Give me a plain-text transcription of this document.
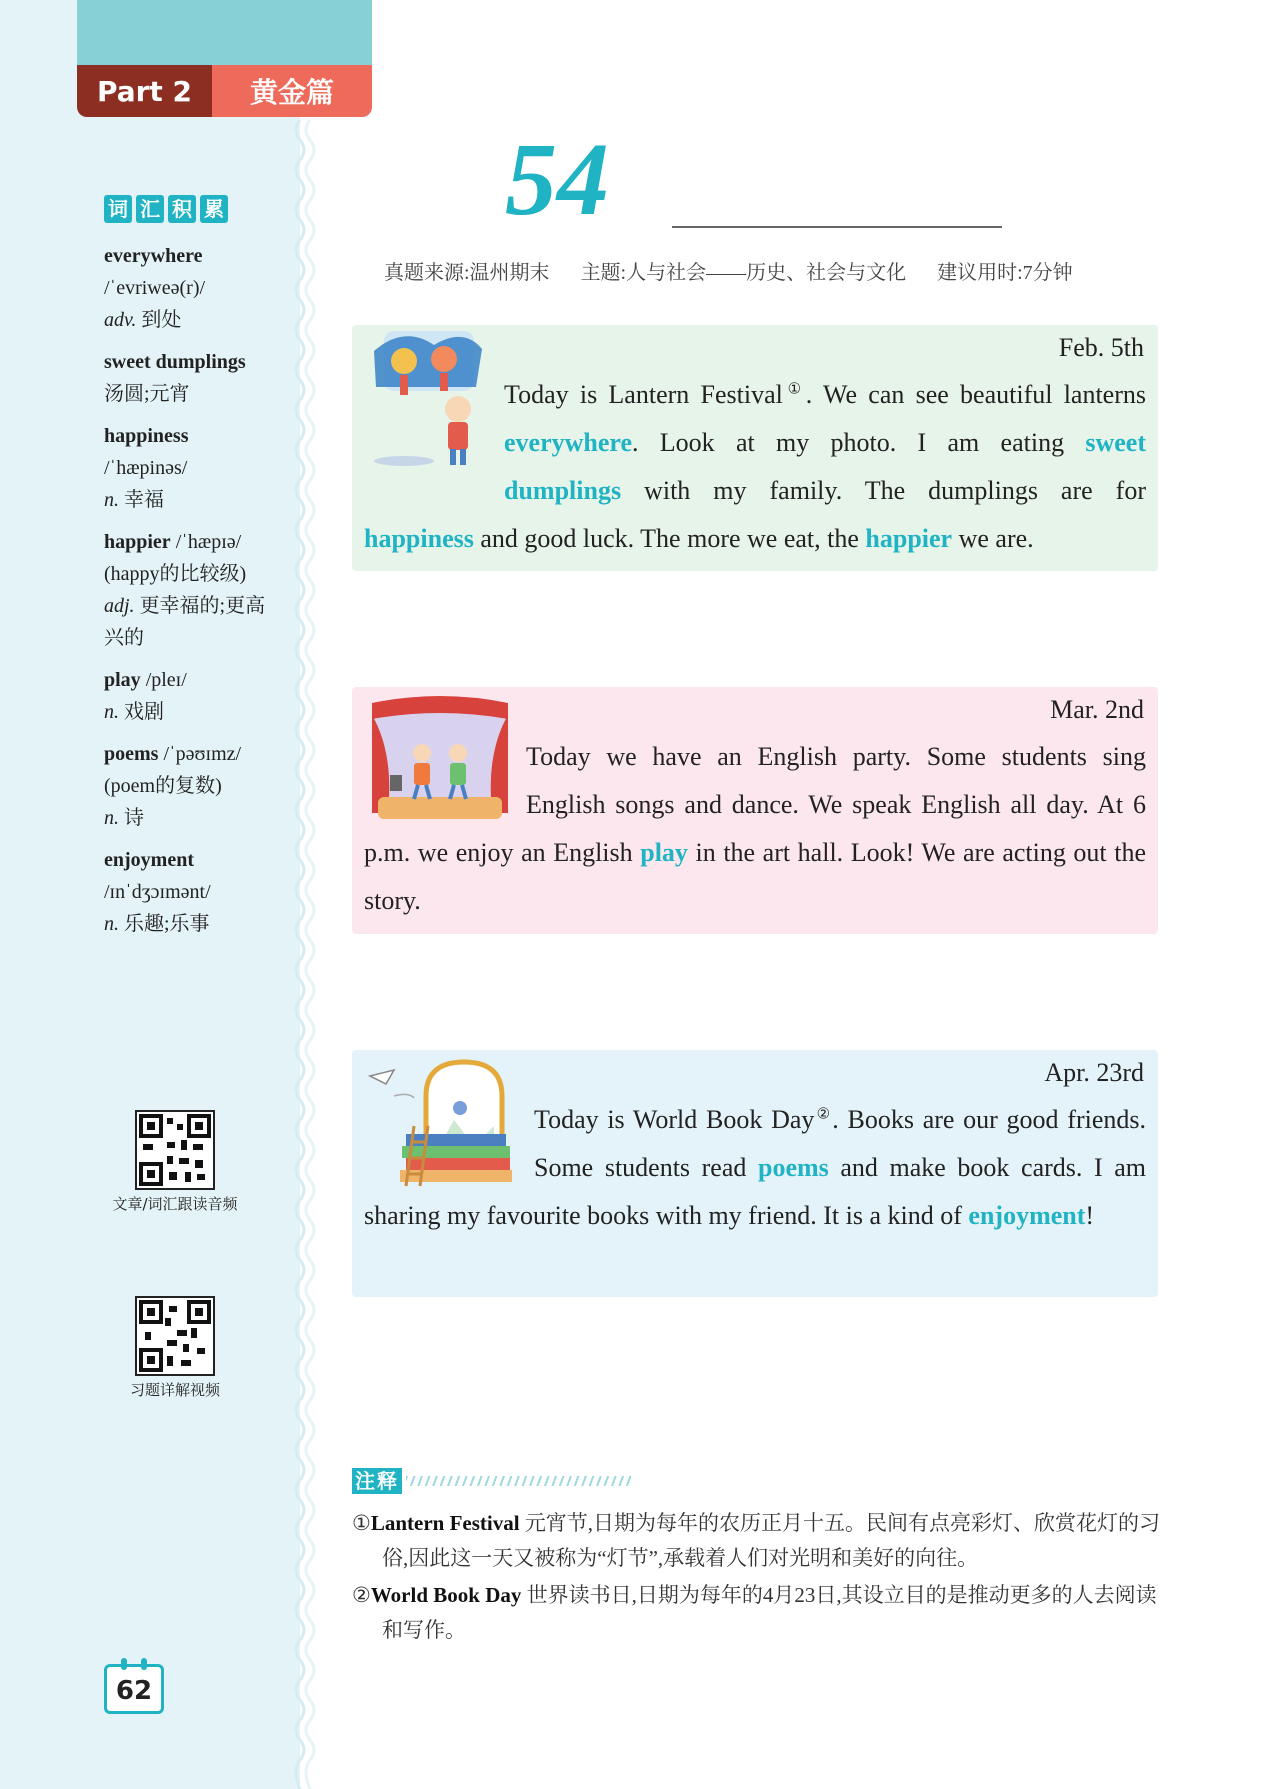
Part 2	黄金篇
词 汇 积 累
everywhere
/ˈevriweə(r)/
adv. 到处
sweet dumplings
汤圆;元宵
happiness
/ˈhæpinəs/
n. 幸福
happier /ˈhæpɪə/
(happy的比较级)
adj. 更幸福的;更高兴的
play /pleɪ/
n. 戏剧
poems /ˈpəʊɪmz/
(poem的复数)
n. 诗
enjoyment
/ɪnˈdʒɔɪmənt/
n. 乐趣;乐事
文章/词汇跟读音频
习题详解视频
62
54
真题来源:温州期末 主题:人与社会——历史、社会与文化 建议用时:7分钟
Feb. 5th
Today is Lantern Festival①. We can see beautiful lanterns everywhere. Look at my photo. I am eating sweet dumplings with my family. The dumplings are for happiness and good luck. The more we eat, the happier we are.
Mar. 2nd
Today we have an English party. Some students sing English songs and dance. We speak English all day. At 6 p.m. we enjoy an English play in the art hall. Look! We are acting out the story.
Apr. 23rd
Today is World Book Day②. Books are our good friends. Some students read poems and make book cards. I am sharing my favourite books with my friend. It is a kind of enjoyment!
注释
①Lantern Festival 元宵节,日期为每年的农历正月十五。民间有点亮彩灯、欣赏花灯的习俗,因此这一天又被称为“灯节”,承载着人们对光明和美好的向往。
②World Book Day 世界读书日,日期为每年的4月23日,其设立目的是推动更多的人去阅读和写作。
